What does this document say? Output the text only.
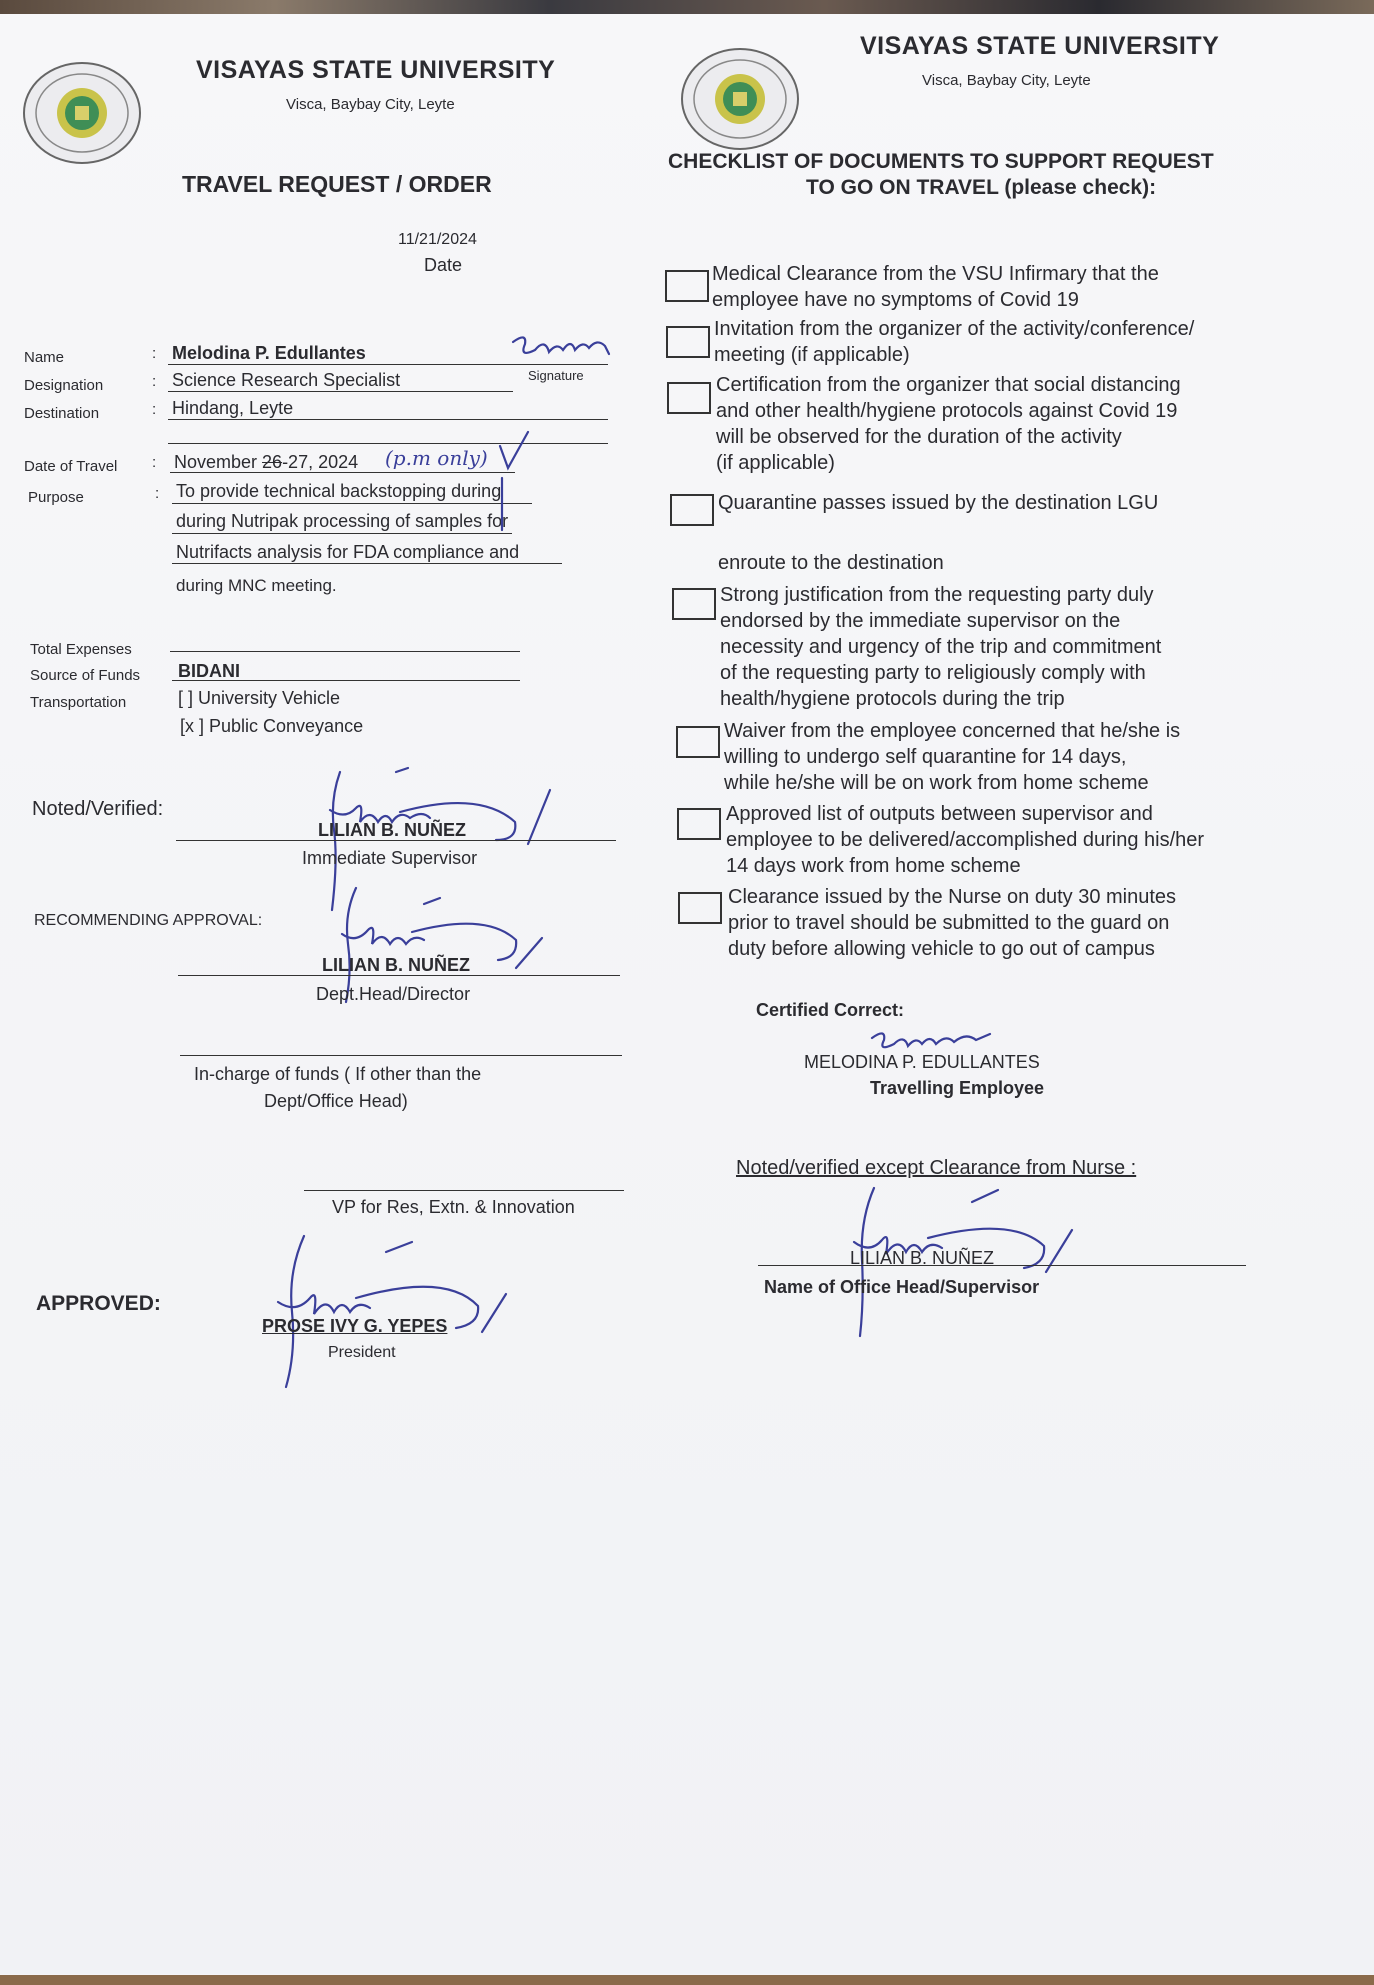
VISAYAS STATE UNIVERSITY
Visca, Baybay City, Leyte
TRAVEL REQUEST / ORDER
11/21/2024
Date
Name	: Melodina P. Edullantes
Signature
Designation	: Science Research Specialist
Destination	: Hindang, Leyte
Date of Travel : November 26-27, 2024 (p.m only)
Purpose	: To provide technical backstopping during
during Nutripak processing of samples for
Nutrifacts analysis for FDA compliance and
during MNC meeting.
Total Expenses
Source of Funds BIDANI
Transportation	[ ] University Vehicle
[x ] Public Conveyance
Noted/Verified:
LILIAN B. NUÑEZ
Immediate Supervisor
RECOMMENDING APPROVAL:
LILIAN B. NUÑEZ
Dept.Head/Director
In-charge of funds ( If other than the
Dept/Office Head)
VP for Res, Extn. & Innovation
APPROVED:
PROSE IVY G. YEPES
President
VISAYAS STATE UNIVERSITY
Visca, Baybay City, Leyte
CHECKLIST OF DOCUMENTS TO SUPPORT REQUEST
TO GO ON TRAVEL (please check):
Medical Clearance from the VSU Infirmary that the
employee have no symptoms of Covid 19
Invitation from the organizer of the activity/conference/
meeting (if applicable)
Certification from the organizer that social distancing
and other health/hygiene protocols against Covid 19
will be observed for the duration of the activity
(if applicable)
Quarantine passes issued by the destination LGU
enroute to the destination
Strong justification from the requesting party duly
endorsed by the immediate supervisor on the
necessity and urgency of the trip and commitment
of the requesting party to religiously comply with
health/hygiene protocols during the trip
Waiver from the employee concerned that he/she is
willing to undergo self quarantine for 14 days,
while he/she will be on work from home scheme
Approved list of outputs between supervisor and
employee to be delivered/accomplished during his/her
14 days work from home scheme
Clearance issued by the Nurse on duty 30 minutes
prior to travel should be submitted to the guard on
duty before allowing vehicle to go out of campus
Certified Correct:
MELODINA P. EDULLANTES
Travelling Employee
Noted/verified except Clearance from Nurse :
LILIAN B. NUÑEZ
Name of Office Head/Supervisor
